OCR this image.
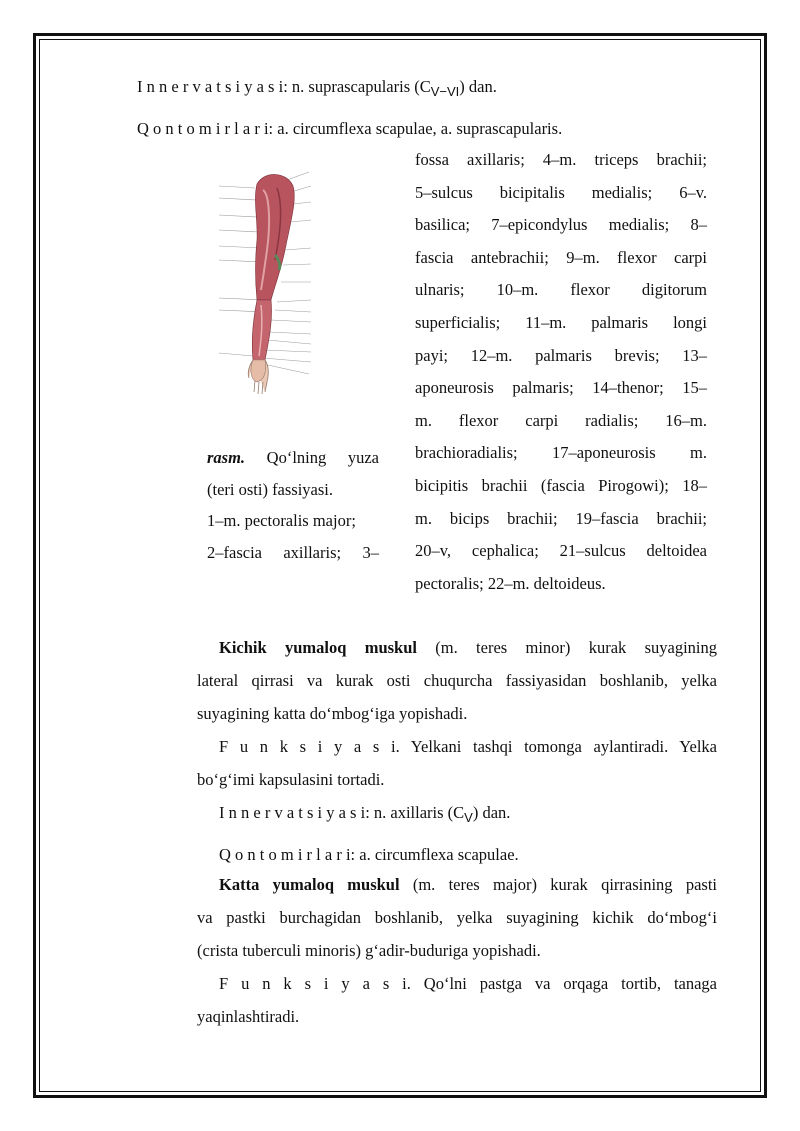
I n n e r v a t s i y a s i: n. suprascapularis $(C_{V-VI})$ dan.
Q o n t o m i r l a r i: a. circumflexa scapulae, a. suprascapularis.
fossa axillaris; 4–m. triceps brachii;
5–sulcus bicipitalis medialis; 6–v.
basilica; 7–epicondylus medialis; 8–
fascia antebrachii; 9–m. flexor carpi
ulnaris; 10–m. flexor digitorum
superficialis; 11–m. palmaris longi
payi; 12–m. palmaris brevis; 13–
aponeurosis palmaris; 14–thenor; 15–
m. flexor carpi radialis; 16–m.
brachioradialis; 17–aponeurosis m.
bicipitis brachii (fascia Pirogowi); 18–
m. bicips brachii; 19–fascia brachii;
20–v, cephalica; 21–sulcus deltoidea
pectoralis; 22–m. deltoideus.
rasm. Qo‘lning yuza
(teri osti) fassiyasi.
1–m. pectoralis major;
2–fascia axillaris; 3–
Kichik yumaloq muskul (m. teres minor) kurak suyagining
lateral qirrasi va kurak osti chuqurcha fassiyasidan boshlanib, yelka
suyagining katta do‘mbog‘iga yopishadi.
F u n k s i y a s i. Yelkani tashqi tomonga aylantiradi. Yelka
bo‘g‘imi kapsulasini tortadi.
I n n e r v a t s i y a s i: n. axillaris $(C_V)$ dan.
Q o n t o m i r l a r i: a. circumflexa scapulae.
Katta yumaloq muskul (m. teres major) kurak qirrasining pasti
va pastki burchagidan boshlanib, yelka suyagining kichik do‘mbog‘i
(crista tuberculi minoris) g‘adir-buduriga yopishadi.
F u n k s i y a s i. Qo‘lni pastga va orqaga tortib, tanaga
yaqinlashtiradi.
